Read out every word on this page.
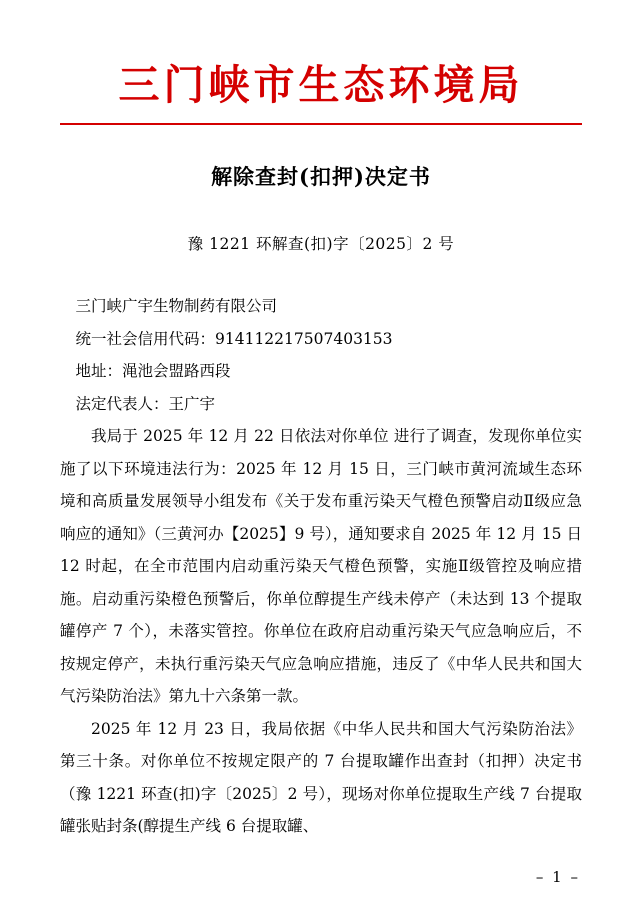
三门峡市生态环境局
解除查封(扣押)决定书
豫 1221 环解查(扣)字〔2025〕2 号

三门峡广宇生物制药有限公司

统一社会信用代码：914112217507403153

地址：渑池会盟路西段

法定代表人：王广宇

我局于 2025 年 12 月 22 日依法对你单位 进行了调查，发现你单位实施了以下环境违法行为：2025 年 12 月 15 日，三门峡市黄河流域生态环境和高质量发展领导小组发布《关于发布重污染天气橙色预警启动Ⅱ级应急响应的通知》（三黄河办【2025】9 号），通知要求自 2025 年 12 月 15 日 12 时起，在全市范围内启动重污染天气橙色预警，实施Ⅱ级管控及响应措施。启动重污染橙色预警后，你单位醇提生产线未停产（未达到 13 个提取罐停产 7 个），未落实管控。你单位在政府启动重污染天气应急响应后，不按规定停产，未执行重污染天气应急响应措施，违反了《中华人民共和国大气污染防治法》第九十六条第一款。

2025 年 12 月 23 日，我局依据《中华人民共和国大气污染防治法》第三十条。对你单位不按规定限产的 7 台提取罐作出查封（扣押）决定书（豫 1221 环查(扣)字〔2025〕2 号），现场对你单位提取生产线 7 台提取罐张贴封条(醇提生产线 6 台提取罐、

– 1 –
